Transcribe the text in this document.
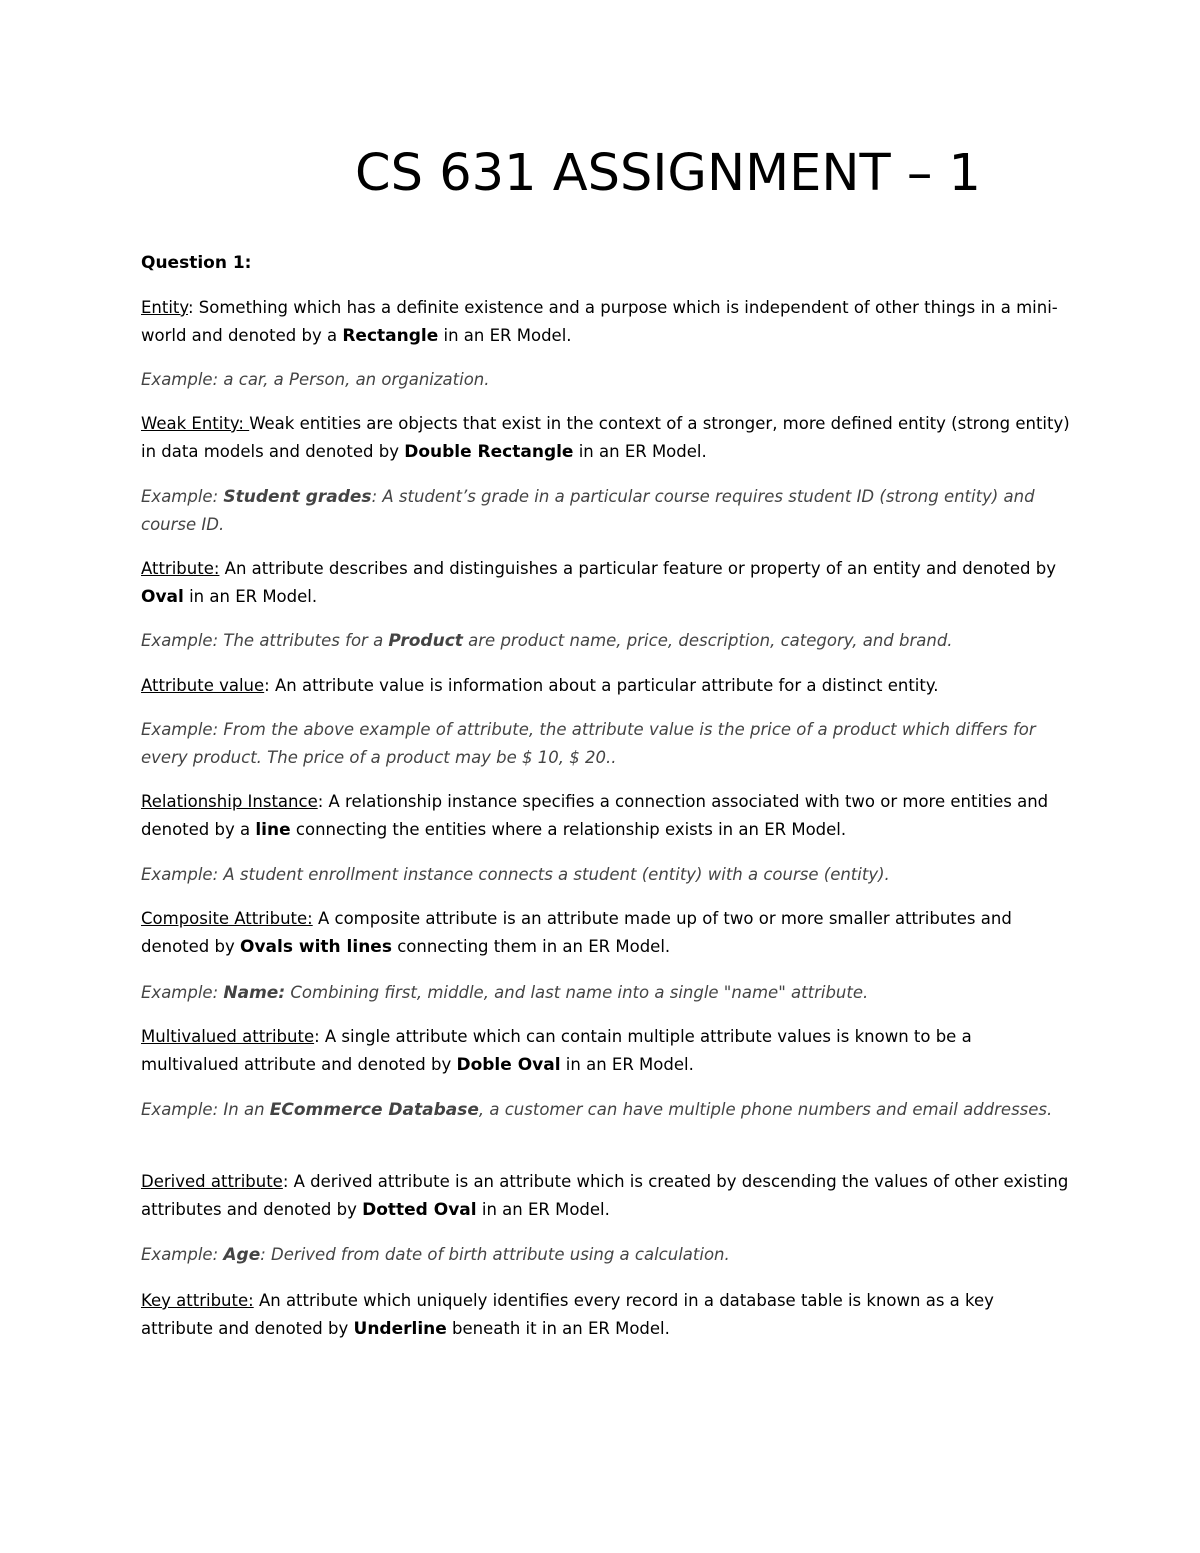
CS 631 ASSIGNMENT – 1
Question 1:

Entity: Something which has a definite existence and a purpose which is independent of other things in a mini-world and denoted by a Rectangle in an ER Model.

Example: a car, a Person, an organization.

Weak Entity: Weak entities are objects that exist in the context of a stronger, more defined entity (strong entity) in data models and denoted by Double Rectangle in an ER Model.

Example: Student grades: A student’s grade in a particular course requires student ID (strong entity) and course ID.

Attribute: An attribute describes and distinguishes a particular feature or property of an entity and denoted by Oval in an ER Model.

Example: The attributes for a Product are product name, price, description, category, and brand.

Attribute value: An attribute value is information about a particular attribute for a distinct entity.

Example: From the above example of attribute, the attribute value is the price of a product which differs for every product. The price of a product may be $ 10, $ 20..

Relationship Instance: A relationship instance specifies a connection associated with two or more entities and denoted by a line connecting the entities where a relationship exists in an ER Model.

Example: A student enrollment instance connects a student (entity) with a course (entity).

Composite Attribute: A composite attribute is an attribute made up of two or more smaller attributes and denoted by Ovals with lines connecting them in an ER Model.

Example: Name: Combining first, middle, and last name into a single "name" attribute.

Multivalued attribute: A single attribute which can contain multiple attribute values is known to be a multivalued attribute and denoted by Doble Oval in an ER Model.

Example: In an ECommerce Database, a customer can have multiple phone numbers and email addresses.

Derived attribute: A derived attribute is an attribute which is created by descending the values of other existing attributes and denoted by Dotted Oval in an ER Model.

Example: Age: Derived from date of birth attribute using a calculation.

Key attribute: An attribute which uniquely identifies every record in a database table is known as a key attribute and denoted by Underline beneath it in an ER Model.
